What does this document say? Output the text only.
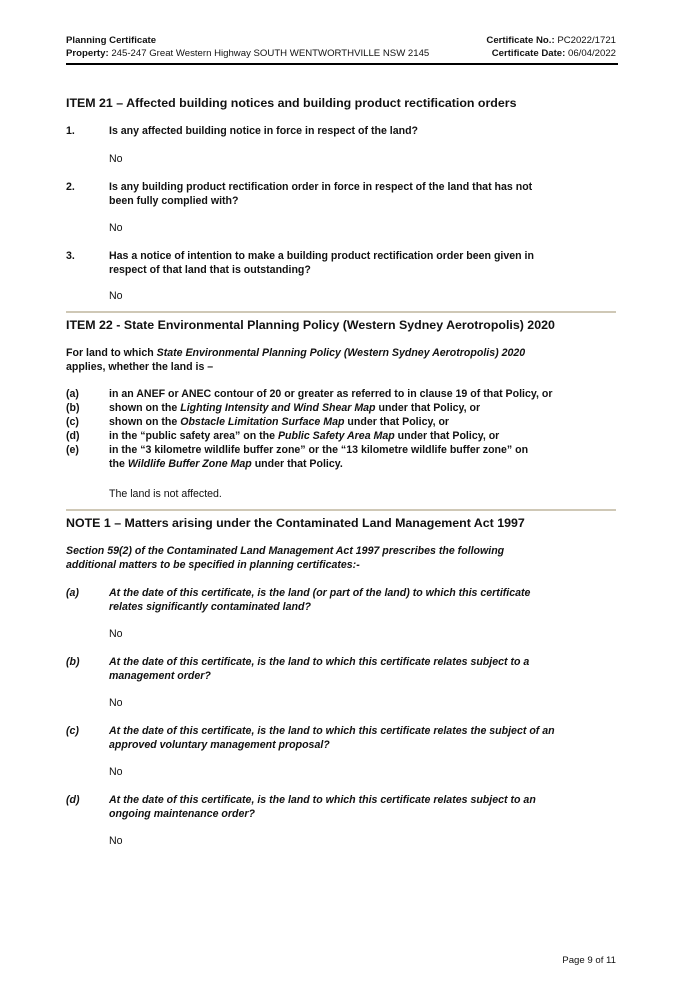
Planning Certificate
Property: 245-247 Great Western Highway SOUTH WENTWORTHVILLE NSW 2145
Certificate No.: PC2022/1721
Certificate Date: 06/04/2022
ITEM 21 – Affected building notices and building product rectification orders
1.	Is any affected building notice in force in respect of the land?
No
2.	Is any building product rectification order in force in respect of the land that has not
been fully complied with?
No
3.	Has a notice of intention to make a building product rectification order been given in
respect of that land that is outstanding?
No
ITEM 22 - State Environmental Planning Policy (Western Sydney Aerotropolis) 2020
For land to which State Environmental Planning Policy (Western Sydney Aerotropolis) 2020
applies, whether the land is –
(a)	in an ANEF or ANEC contour of 20 or greater as referred to in clause 19 of that Policy, or
(b)	shown on the Lighting Intensity and Wind Shear Map under that Policy, or
(c)	shown on the Obstacle Limitation Surface Map under that Policy, or
(d)	in the “public safety area” on the Public Safety Area Map under that Policy, or
(e)	in the “3 kilometre wildlife buffer zone” or the “13 kilometre wildlife buffer zone” on
the Wildlife Buffer Zone Map under that Policy.
The land is not affected.
NOTE 1 – Matters arising under the Contaminated Land Management Act 1997
Section 59(2) of the Contaminated Land Management Act 1997 prescribes the following
additional matters to be specified in planning certificates:-
(a)	At the date of this certificate, is the land (or part of the land) to which this certificate
relates significantly contaminated land?
No
(b)	At the date of this certificate, is the land to which this certificate relates subject to a
management order?
No
(c)	At the date of this certificate, is the land to which this certificate relates the subject of an
approved voluntary management proposal?
No
(d)	At the date of this certificate, is the land to which this certificate relates subject to an
ongoing maintenance order?
No
Page 9 of 11
